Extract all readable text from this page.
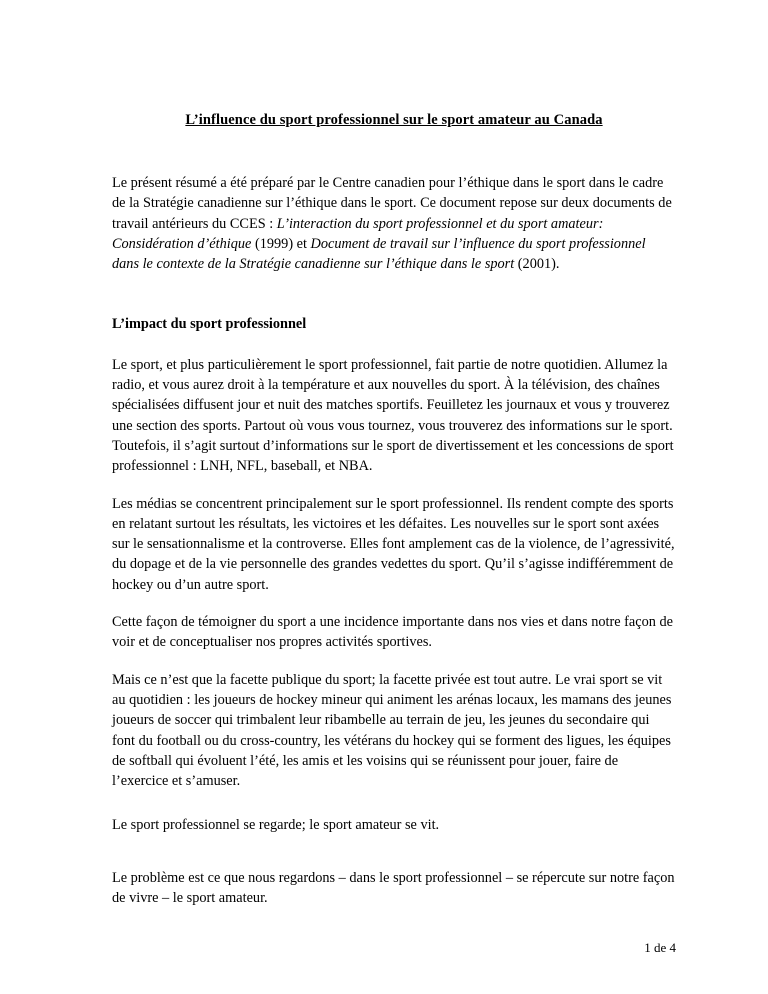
L’influence du sport professionnel sur le sport amateur au Canada

Le présent résumé a été préparé par le Centre canadien pour l’éthique dans le sport dans le cadre de la Stratégie canadienne sur l’éthique dans le sport. Ce document repose sur deux documents de travail antérieurs du CCES : L’interaction du sport professionnel et du sport amateur: Considération d’éthique (1999) et Document de travail sur l’influence du sport professionnel dans le contexte de la Stratégie canadienne sur l’éthique dans le sport (2001).

L’impact du sport professionnel

Le sport, et plus particulièrement le sport professionnel, fait partie de notre quotidien. Allumez la radio, et vous aurez droit à la température et aux nouvelles du sport. À la télévision, des chaînes spécialisées diffusent jour et nuit des matches sportifs. Feuilletez les journaux et vous y trouverez une section des sports. Partout où vous vous tournez, vous trouverez des informations sur le sport. Toutefois, il s’agit surtout d’informations sur le sport de divertissement et les concessions de sport professionnel : LNH, NFL, baseball, et NBA.

Les médias se concentrent principalement sur le sport professionnel. Ils rendent compte des sports en relatant surtout les résultats, les victoires et les défaites. Les nouvelles sur le sport sont axées sur le sensationnalisme et la controverse. Elles font amplement cas de la violence, de l’agressivité, du dopage et de la vie personnelle des grandes vedettes du sport. Qu’il s’agisse indifféremment de hockey ou d’un autre sport.

Cette façon de témoigner du sport a une incidence importante dans nos vies et dans notre façon de voir et de conceptualiser nos propres activités sportives.

Mais ce n’est que la facette publique du sport; la facette privée est tout autre. Le vrai sport se vit au quotidien : les joueurs de hockey mineur qui animent les arénas locaux, les mamans des jeunes joueurs de soccer qui trimbalent leur ribambelle au terrain de jeu, les jeunes du secondaire qui font du football ou du cross-country, les vétérans du hockey qui se forment des ligues, les équipes de softball qui évoluent l’été, les amis et les voisins qui se réunissent pour jouer, faire de l’exercice et s’amuser.

Le sport professionnel se regarde; le sport amateur se vit.

Le problème est ce que nous regardons – dans le sport professionnel – se répercute sur notre façon de vivre – le sport amateur.

1 de 4
